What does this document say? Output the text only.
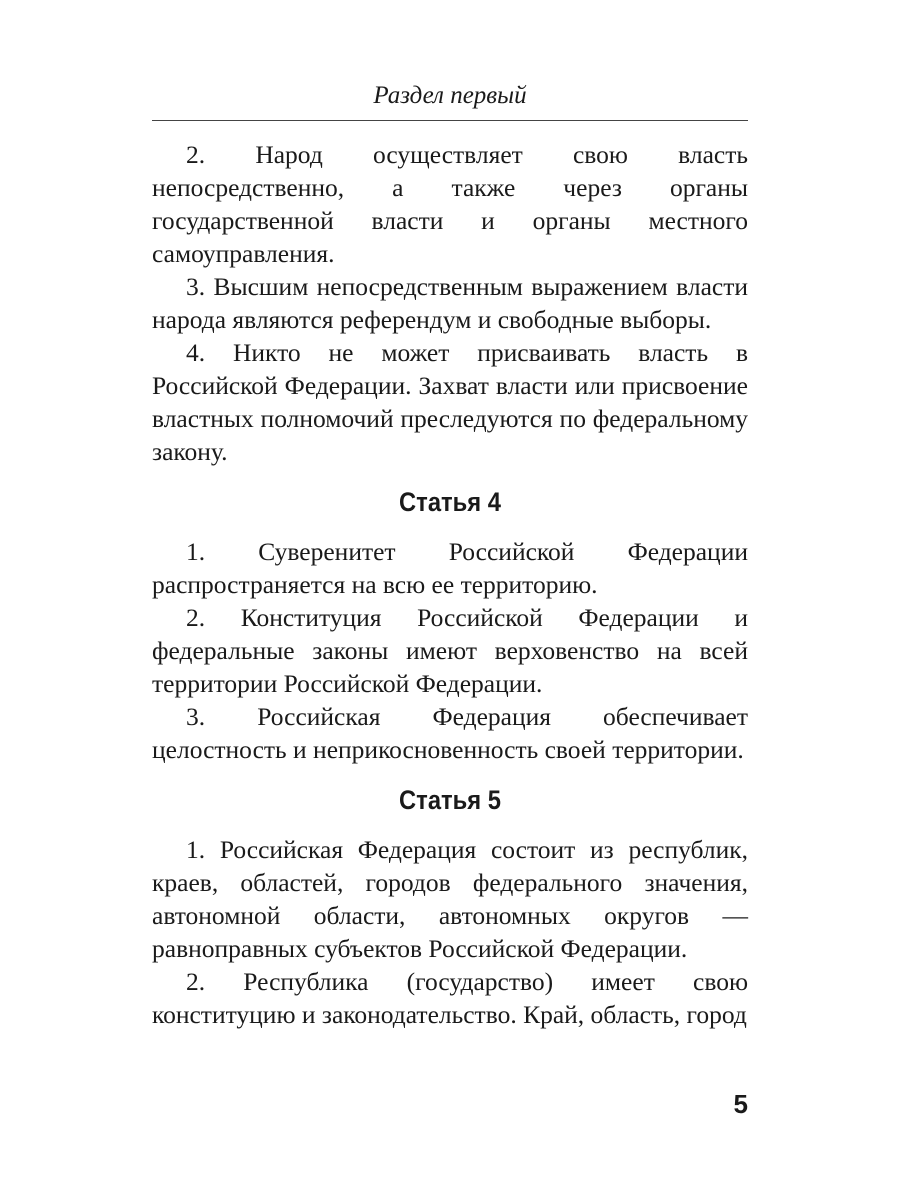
Раздел первый

2. Народ осуществляет свою власть непосредственно, а также через органы государственной власти и органы местного самоуправления.

3. Высшим непосредственным выражением власти народа являются референдум и свободные выборы.

4. Никто не может присваивать власть в Российской Федерации. Захват власти или присвоение властных полномочий преследуются по федеральному закону.

Статья 4

1. Суверенитет Российской Федерации распространяется на всю ее территорию.

2. Конституция Российской Федерации и федеральные законы имеют верховенство на всей территории Российской Федерации.

3. Российская Федерация обеспечивает целостность и неприкосновенность своей территории.

Статья 5

1. Российская Федерация состоит из республик, краев, областей, городов федерального значения, автономной области, автономных округов — равноправных субъектов Российской Федерации.

2. Республика (государство) имеет свою конституцию и законодательство. Край, область, город

5
